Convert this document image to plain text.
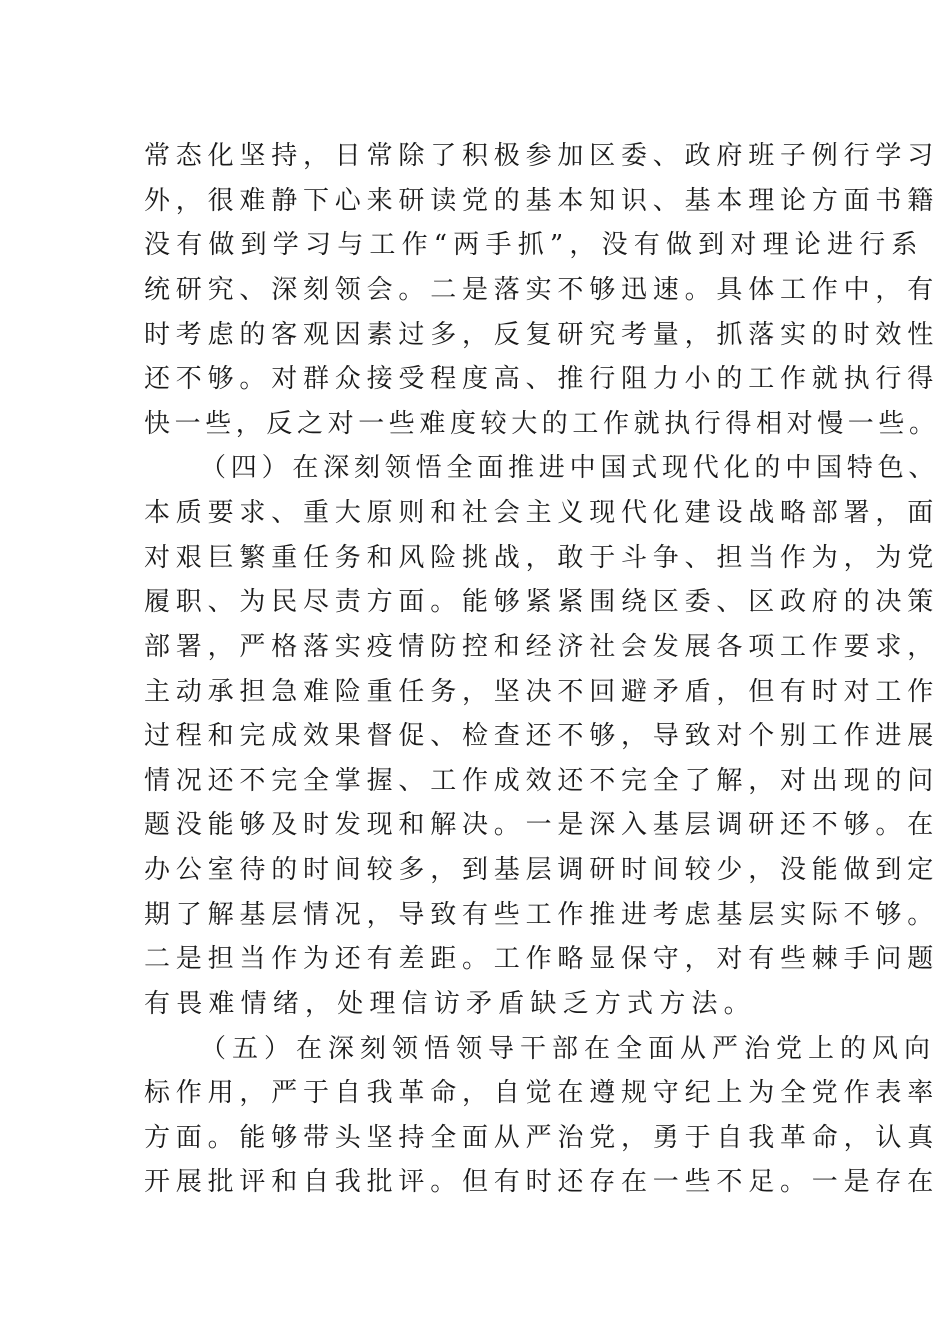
常态化坚持，日常除了积极参加区委、政府班子例行学习
外，很难静下心来研读党的基本知识、基本理论方面书籍
没有做到学习与工作“两手抓”，没有做到对理论进行系
统研究、深刻领会。二是落实不够迅速。具体工作中，有
时考虑的客观因素过多，反复研究考量，抓落实的时效性
还不够。对群众接受程度高、推行阻力小的工作就执行得
快一些，反之对一些难度较大的工作就执行得相对慢一些。
（四）在深刻领悟全面推进中国式现代化的中国特色、
本质要求、重大原则和社会主义现代化建设战略部署，面
对艰巨繁重任务和风险挑战，敢于斗争、担当作为，为党
履职、为民尽责方面。能够紧紧围绕区委、区政府的决策
部署，严格落实疫情防控和经济社会发展各项工作要求，
主动承担急难险重任务，坚决不回避矛盾，但有时对工作
过程和完成效果督促、检查还不够，导致对个别工作进展
情况还不完全掌握、工作成效还不完全了解，对出现的问
题没能够及时发现和解决。一是深入基层调研还不够。在
办公室待的时间较多，到基层调研时间较少，没能做到定
期了解基层情况，导致有些工作推进考虑基层实际不够。
二是担当作为还有差距。工作略显保守，对有些棘手问题
有畏难情绪，处理信访矛盾缺乏方式方法。
（五）在深刻领悟领导干部在全面从严治党上的风向
标作用，严于自我革命，自觉在遵规守纪上为全党作表率
方面。能够带头坚持全面从严治党，勇于自我革命，认真
开展批评和自我批评。但有时还存在一些不足。一是存在
